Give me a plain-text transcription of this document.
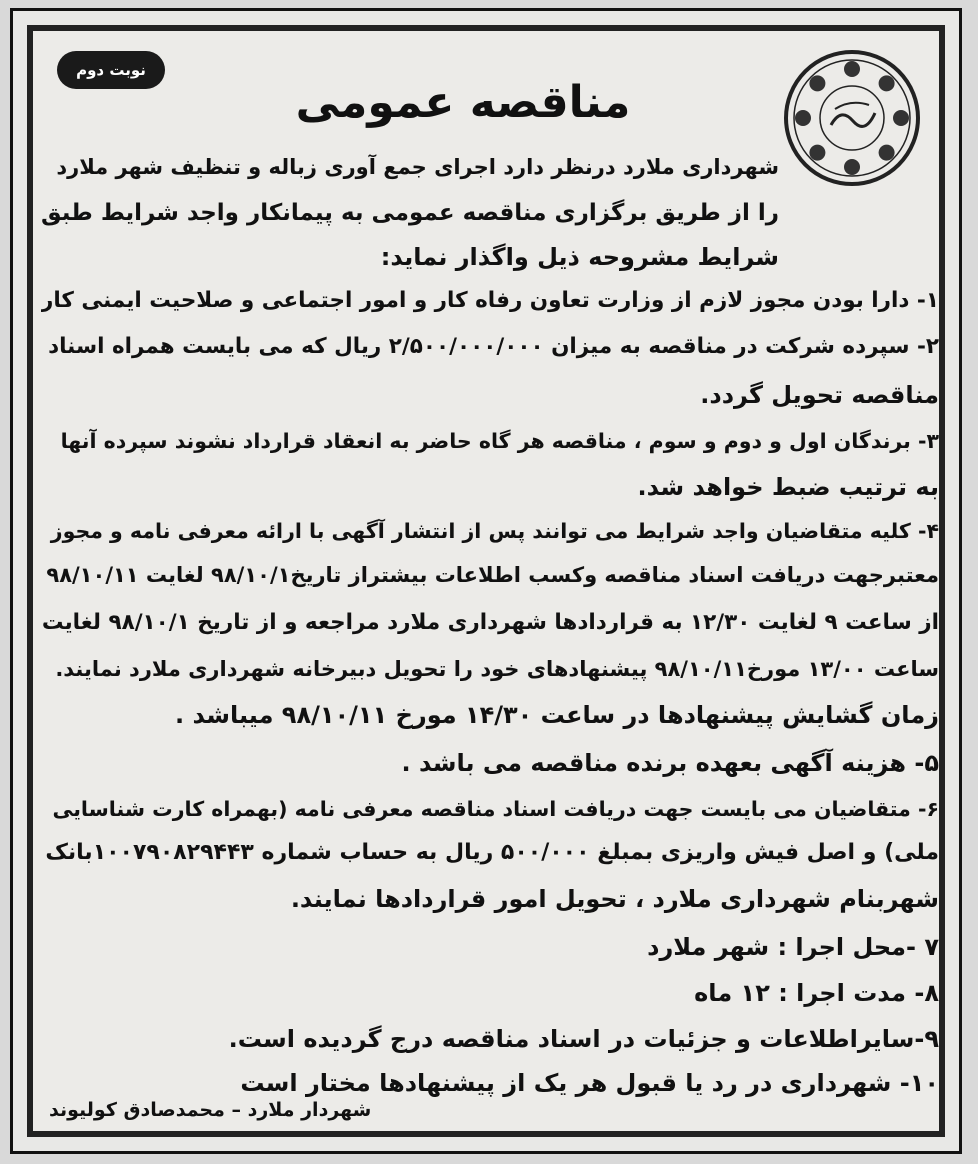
نوبت دوم
مناقصه عمومی
شهرداری ملارد درنظر دارد اجرای جمع آوری زباله و تنظیف شهر ملارد
را از طریق برگزاری مناقصه عمومی به پیمانکار واجد شرایط طبق
شرایط مشروحه ذیل واگذار نماید:
۱- دارا بودن مجوز لازم از وزارت تعاون رفاه کار و امور اجتماعی و صلاحیت ایمنی کار
۲- سپرده شرکت در مناقصه به میزان ۲/۵۰۰/۰۰۰/۰۰۰ ریال که می بایست همراه اسناد
مناقصه تحویل گردد.
۳- برندگان اول و دوم و سوم ، مناقصه هر گاه حاضر به انعقاد قرارداد نشوند سپرده آنها
به ترتیب ضبط خواهد شد.
۴- کلیه متقاضیان واجد شرایط می توانند پس از انتشار آگهی با ارائه معرفی نامه و مجوز
معتبرجهت دریافت اسناد مناقصه وکسب اطلاعات بیشتراز تاریخ۹۸/۱۰/۱ لغایت ۹۸/۱۰/۱۱
از ساعت ۹ لغایت ۱۲/۳۰ به قراردادها شهرداری ملارد مراجعه و از تاریخ ۹۸/۱۰/۱ لغایت
ساعت ۱۳/۰۰ مورخ۹۸/۱۰/۱۱ پیشنهادهای خود را تحویل دبیرخانه شهرداری ملارد نمایند.
زمان گشایش پیشنهادها در ساعت ۱۴/۳۰ مورخ ۹۸/۱۰/۱۱ میباشد .
۵- هزینه آگهی بعهده برنده مناقصه می باشد .
۶- متقاضیان می بایست جهت دریافت اسناد مناقصه معرفی نامه (بهمراه کارت شناسایی
ملی) و اصل فیش واریزی بمبلغ ۵۰۰/۰۰۰ ریال به حساب شماره ۱۰۰۷۹۰۸۲۹۴۴۳بانک
شهربنام شهرداری ملارد ، تحویل امور قراردادها نمایند.
۷ -محل اجرا : شهر ملارد
۸- مدت اجرا : ۱۲ ماه
۹-سایراطلاعات و جزئیات در اسناد مناقصه درج گردیده است.
۱۰- شهرداری در رد یا قبول هر یک از پیشنهادها مختار است
شهردار ملارد – محمدصادق کولیوند
